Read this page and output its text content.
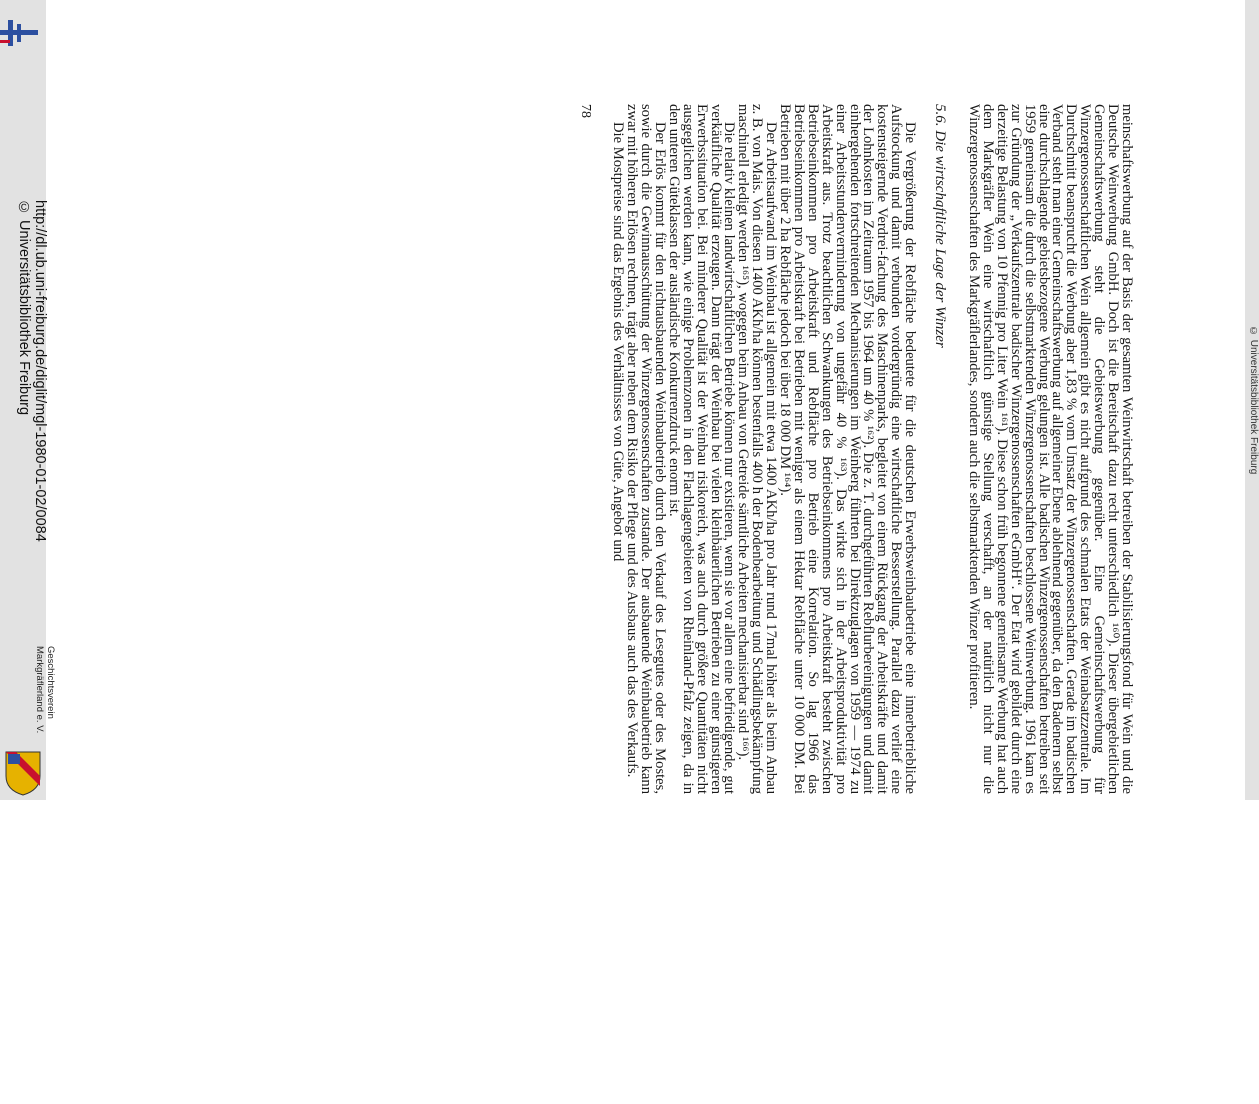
http://dl.ub.uni-freiburg.de/diglit/mgl-1980-01-02/0084
© Universitätsbibliothek Freiburg
Geschichtsverein
Markgräflerland e. V.
© Universitätsbibliothek Freiburg

meinschaftswerbung auf der Basis der gesamten Weinwirtschaft betreiben der Stabilisierungsfond für Wein und die Deutsche Weinwerbung GmbH. Doch ist die Bereitschaft dazu recht unterschiedlich ¹⁶⁰). Dieser übergebietlichen Gemeinschaftswerbung steht die Gebietswerbung gegenüber. Eine Gemeinschaftswerbung für Winzergenossenschaftlichen Wein allgemein gibt es nicht aufgrund des schmalen Etats der Weinabsatzzentrale. Im Durchschnitt beansprucht die Werbung aber 1,83 % vom Umsatz der Winzergenossenschaften. Gerade im badischen Verband steht man einer Gemeinschaftswerbung auf allgemeiner Ebene ablehnend gegenüber, da den Badenern selbst eine durchschlagende gebietsbezogene Werbung gelungen ist. Alle badischen Winzergenossenschaften betreiben seit 1959 gemeinsam die durch die selbstmarktenden Winzergenossenschaften beschlossene Weinwerbung. 1961 kam es zur Gründung der „Verkaufszentrale badischer Winzergenossenschaften eGmbH“. Der Etat wird gebildet durch eine derzeitige Belastung von 10 Pfennig pro Liter Wein ¹⁶¹). Diese schon früh begonnene gemeinsame Werbung hat auch dem Markgräfler Wein eine wirtschaftlich günstige Stellung verschafft, an der natürlich nicht nur die Winzergenossenschaften des Markgräflerlandes, sondern auch die selbstmarktenden Winzer profitieren.

5.6. Die wirtschaftliche Lage der Winzer

Die Vergrößerung der Rebfläche bedeutete für die deutschen Erwerbsweinbaubetriebe eine innerbetriebliche Aufstockung und damit verbunden vordergründig eine wirtschaftliche Besserstellung. Parallel dazu verlief eine kostensteigernde Verdrei-fachung des Maschinenparks, begleitet von einem Rückgang der Arbeitskräfte und damit der Lohnkosten im Zeitraum 1957 bis 1964 um 40 % ¹⁶²). Die z. T. durchgeführten Rebflurbereinigungen und damit einhergehenden fortschreitenden Mechanisierungen im Weinberg führten bei Direktzuglagen von 1959 — 1974 zu einer Arbeitsstundenverminderung von ungefähr 40 % ¹⁶³). Das wirkte sich in der Arbeitsproduktivität pro Arbeitskraft aus. Trotz beachtlichen Schwankungen des Betriebseinkommens pro Arbeitskraft besteht zwischen Betriebseinkommen pro Arbeitskraft und Rebfläche pro Betrieb eine Korrelation. So lag 1966 das Betriebseinkommen pro Arbeitskraft bei Betrieben mit weniger als einem Hektar Rebfläche unter 10 000 DM. Bei Betrieben mit über 2 ha Rebfläche jedoch bei über 18 000 DM ¹⁶⁴).

Der Arbeitsaufwand im Weinbau ist allgemein mit etwa 1400 AKh/ha pro Jahr rund 17mal höher als beim Anbau z. B. von Mais. Von diesen 1400 AKh/ha können bestenfalls 400 h der Bodenbearbeitung und Schädlingsbekämpfung maschinell erledigt werden ¹⁶⁵), wogegen beim Anbau von Getreide sämtliche Arbeiten mechanisierbar sind ¹⁶⁶).

Die relativ kleinen landwirtschaftlichen Betriebe können nur existieren, wenn sie vor allem eine befriedigende, gut verkäufliche Qualität erzeugen. Dann trägt der Weinbau bei vielen kleinbäuerlichen Betrieben zu einer günstigeren Erwerbssituation bei. Bei minderer Qualität ist der Weinbau risikoreich, was auch durch größere Quantitäten nicht ausgeglichen werden kann, wie einige Problemzonen in den Flachlagengebieten von Rheinland-Pfalz zeigen, da in den unteren Güteklassen der ausländische Konkurrenzdruck enorm ist.

Der Erlös kommt für den nichtausbauenden Weinbaubetrieb durch den Verkauf des Lesegutes oder des Mostes, sowie durch die Gewinnausschüttung der Winzergenossenschaften zustande. Der ausbauende Weinbaubetrieb kann zwar mit höheren Erlösen rechnen, trägt aber neben dem Risiko der Pflege und des Ausbaus auch das des Verkaufs.

Die Mostpreise sind das Ergebnis des Verhältnisses von Güte, Angebot und

78
